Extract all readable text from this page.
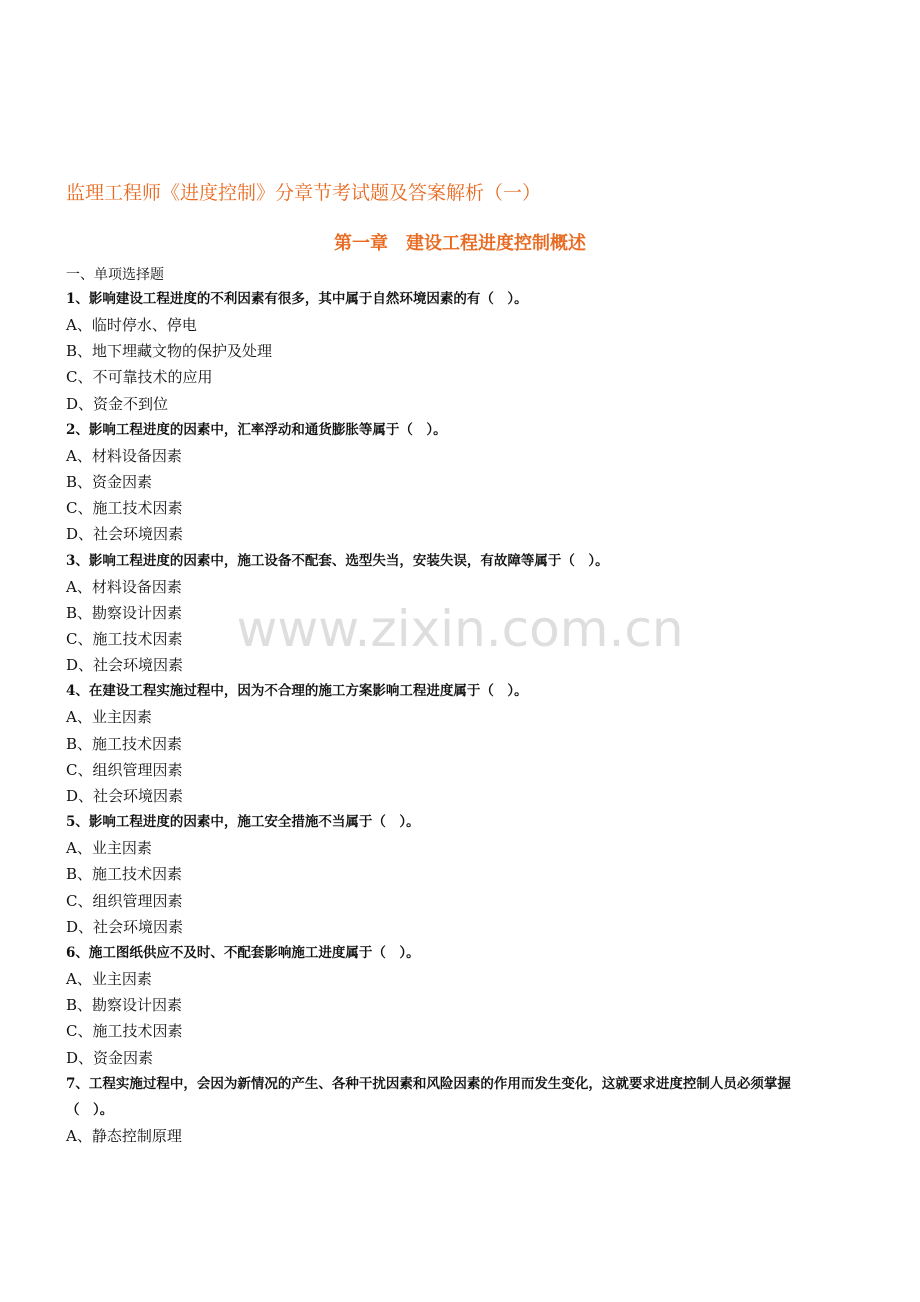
监理工程师《进度控制》分章节考试题及答案解析（一）
第一章　建设工程进度控制概述

一、单项选择题

1、影响建设工程进度的不利因素有很多，其中属于自然环境因素的有（　）。

A、临时停水、停电

B、地下埋藏文物的保护及处理

C、不可靠技术的应用

D、资金不到位

2、影响工程进度的因素中，汇率浮动和通货膨胀等属于（　）。

A、材料设备因素

B、资金因素

C、施工技术因素

D、社会环境因素

3、影响工程进度的因素中，施工设备不配套、选型失当，安装失误，有故障等属于（　）。

A、材料设备因素

B、勘察设计因素

C、施工技术因素

D、社会环境因素

4、在建设工程实施过程中，因为不合理的施工方案影响工程进度属于（　）。

A、业主因素

B、施工技术因素

C、组织管理因素

D、社会环境因素

5、影响工程进度的因素中，施工安全措施不当属于（　）。

A、业主因素

B、施工技术因素

C、组织管理因素

D、社会环境因素

6、施工图纸供应不及时、不配套影响施工进度属于（　）。

A、业主因素

B、勘察设计因素

C、施工技术因素

D、资金因素

7、工程实施过程中，会因为新情况的产生、各种干扰因素和风险因素的作用而发生变化，这就要求进度控制人员必须掌握（　）。

A、静态控制原理

www.zixin.com.cn
